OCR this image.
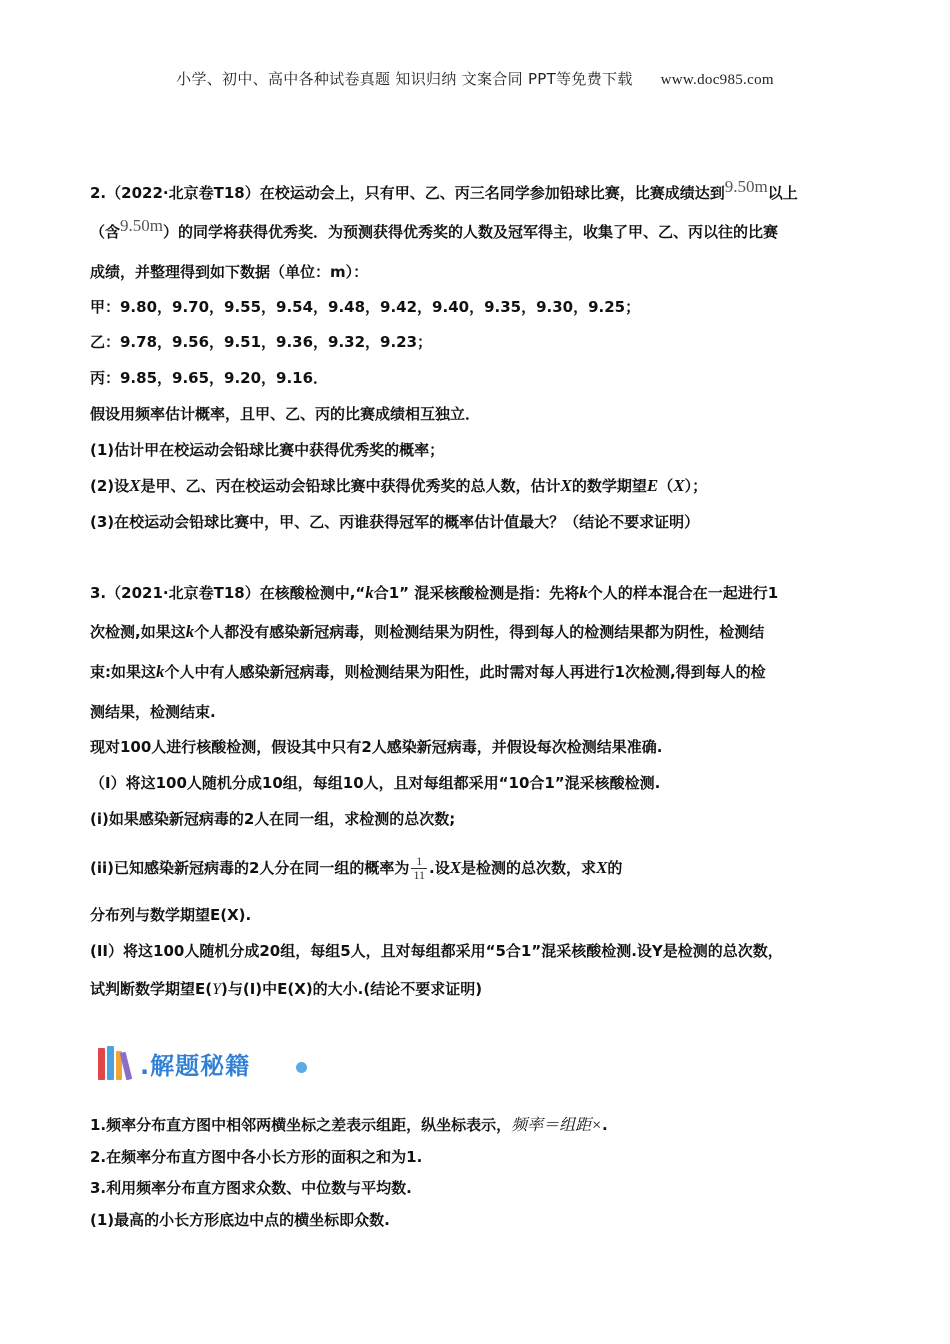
小学、初中、高中各种试卷真题 知识归纳 文案合同 PPT等免费下载 www.doc985.com
2.（2022·北京卷T18）在校运动会上，只有甲、乙、丙三名同学参加铅球比赛，比赛成绩达到9.50m以上
（含9.50m）的同学将获得优秀奖．为预测获得优秀奖的人数及冠军得主，收集了甲、乙、丙以往的比赛
成绩，并整理得到如下数据（单位：m）：
甲：9.80，9.70，9.55，9.54，9.48，9.42，9.40，9.35，9.30，9.25；
乙：9.78，9.56，9.51，9.36，9.32，9.23；
丙：9.85，9.65，9.20，9.16．
假设用频率估计概率，且甲、乙、丙的比赛成绩相互独立．
(1)估计甲在校运动会铅球比赛中获得优秀奖的概率；
(2)设X是甲、乙、丙在校运动会铅球比赛中获得优秀奖的总人数，估计X的数学期望E（X）；
(3)在校运动会铅球比赛中，甲、乙、丙谁获得冠军的概率估计值最大？（结论不要求证明）
3.（2021·北京卷T18）在核酸检测中,“k合1” 混采核酸检测是指：先将k个人的样本混合在一起进行1
次检测,如果这k个人都没有感染新冠病毒，则检测结果为阴性，得到每人的检测结果都为阴性，检测结
束:如果这k个人中有人感染新冠病毒，则检测结果为阳性，此时需对每人再进行1次检测,得到每人的检
测结果，检测结束.
现对100人进行核酸检测，假设其中只有2人感染新冠病毒，并假设每次检测结果准确.
（I）将这100人随机分成10组，每组10人，且对每组都采用“10合1”混采核酸检测.
(i)如果感染新冠病毒的2人在同一组，求检测的总次数;
(ii)已知感染新冠病毒的2人分在同一组的概率为 $\frac{1}{11}$ .设X是检测的总次数，求X的
分布列与数学期望E(X).
(II）将这100人随机分成20组，每组5人，且对每组都采用“5合1”混采核酸检测.设Y是检测的总次数，
试判断数学期望E(Y)与(I)中E(X)的大小.(结论不要求证明)
.解题秘籍
1.频率分布直方图中相邻两横坐标之差表示组距，纵坐标表示，频率＝组距×.
2.在频率分布直方图中各小长方形的面积之和为1.
3.利用频率分布直方图求众数、中位数与平均数.
(1)最高的小长方形底边中点的横坐标即众数.
